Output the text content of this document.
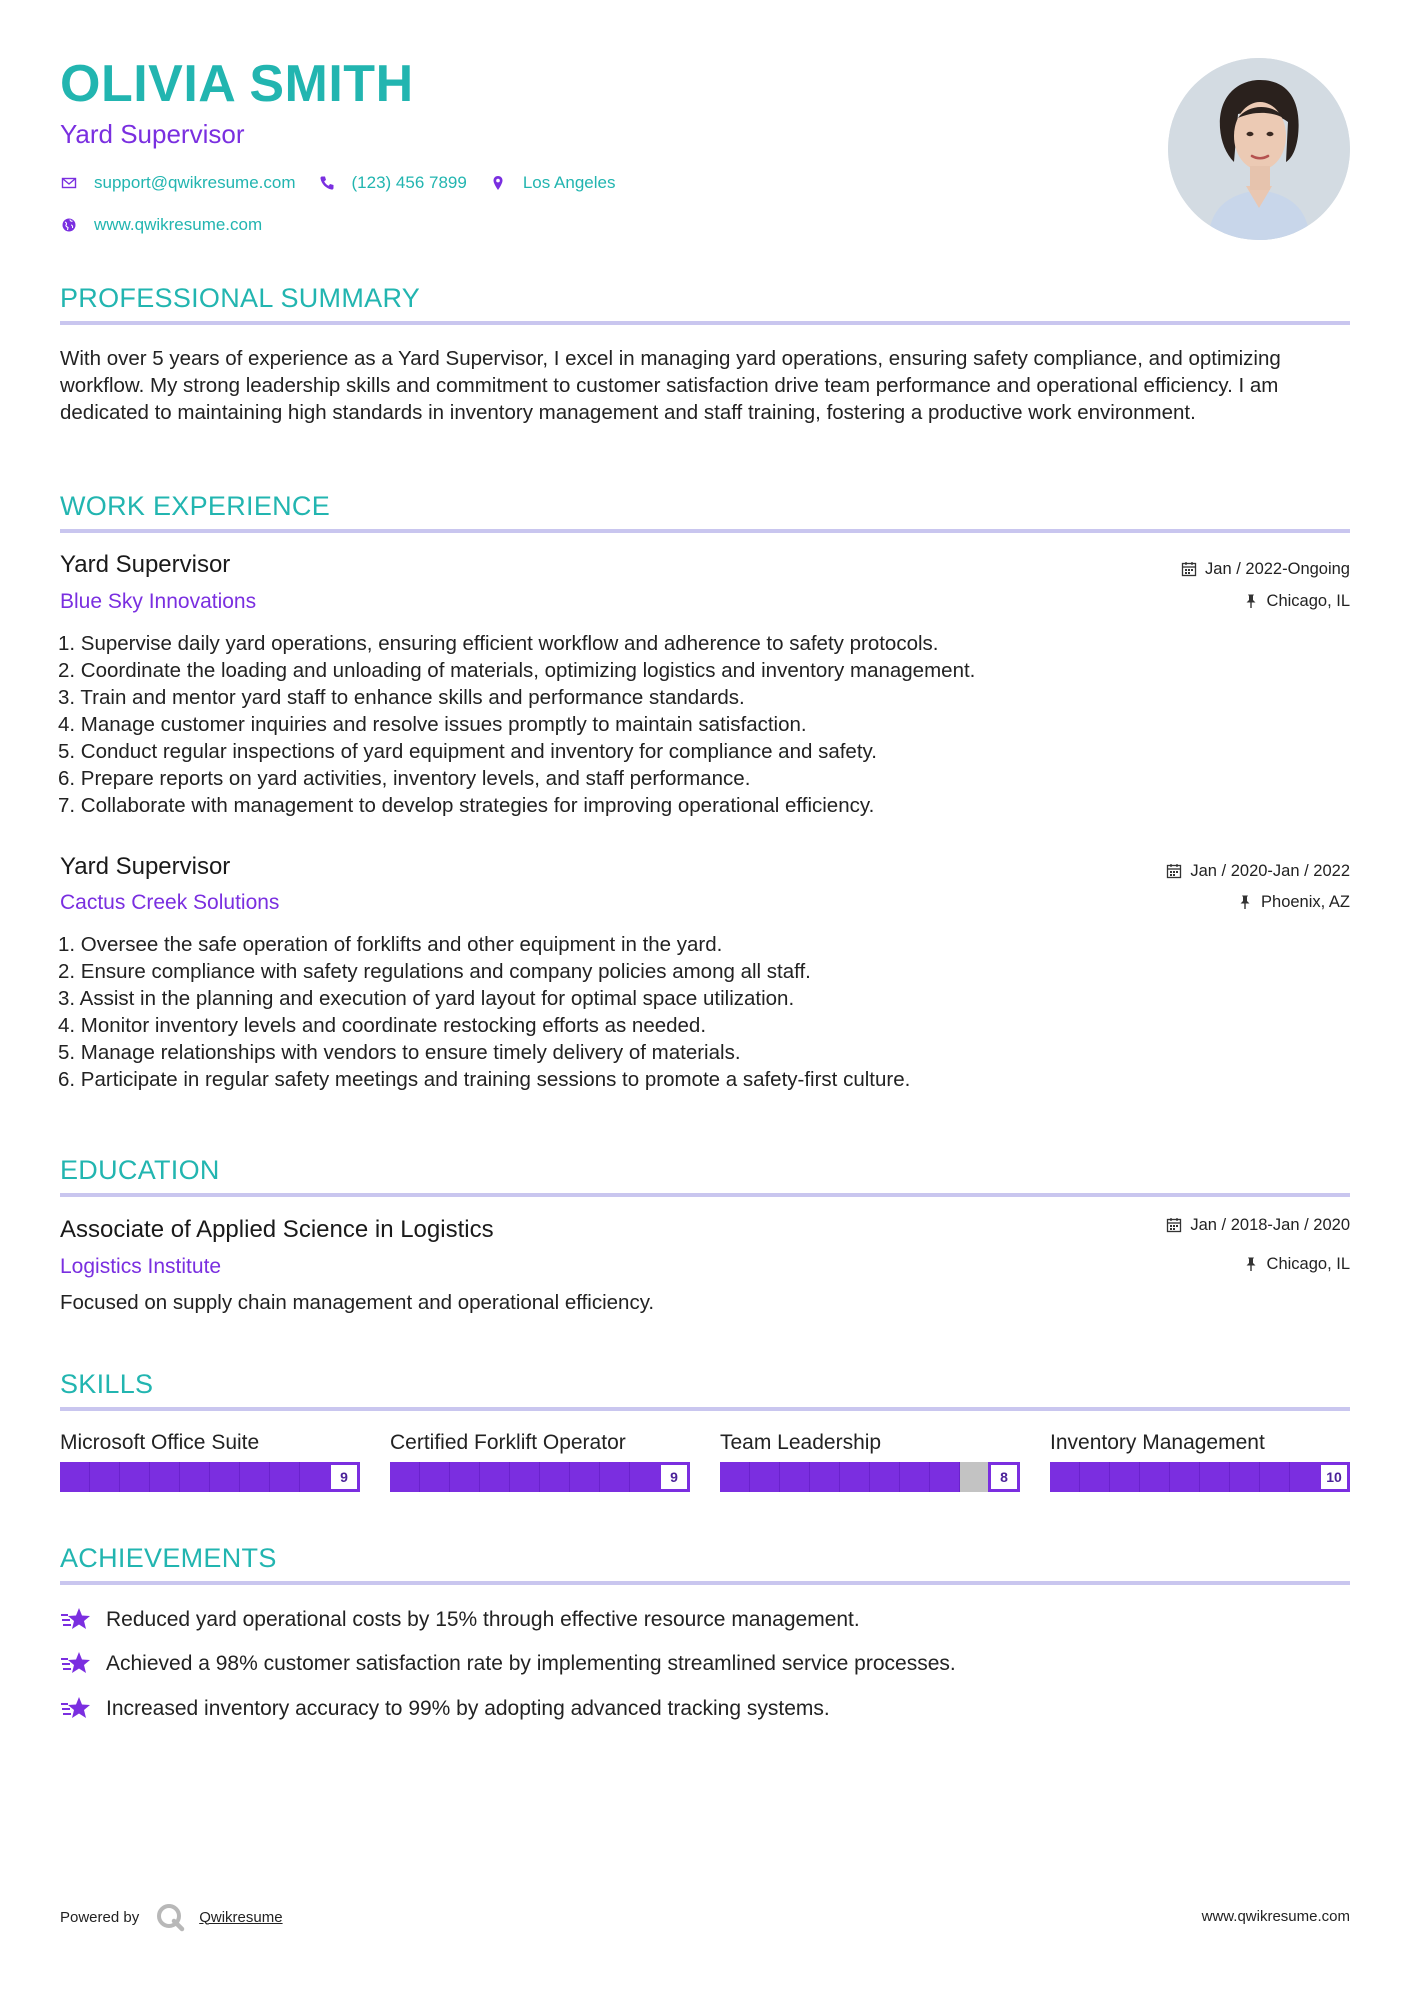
OLIVIA SMITH
Yard Supervisor
support@qwikresume.com	(123) 456 7899	Los Angeles
www.qwikresume.com
PROFESSIONAL SUMMARY
With over 5 years of experience as a Yard Supervisor, I excel in managing yard operations, ensuring safety compliance, and optimizing workflow. My strong leadership skills and commitment to customer satisfaction drive team performance and operational efficiency. I am dedicated to maintaining high standards in inventory management and staff training, fostering a productive work environment.
WORK EXPERIENCE
Yard Supervisor
Blue Sky Innovations
Jan / 2022-Ongoing
Chicago, IL
1. Supervise daily yard operations, ensuring efficient workflow and adherence to safety protocols.
2. Coordinate the loading and unloading of materials, optimizing logistics and inventory management.
3. Train and mentor yard staff to enhance skills and performance standards.
4. Manage customer inquiries and resolve issues promptly to maintain satisfaction.
5. Conduct regular inspections of yard equipment and inventory for compliance and safety.
6. Prepare reports on yard activities, inventory levels, and staff performance.
7. Collaborate with management to develop strategies for improving operational efficiency.
Yard Supervisor
Cactus Creek Solutions
Jan / 2020-Jan / 2022
Phoenix, AZ
1. Oversee the safe operation of forklifts and other equipment in the yard.
2. Ensure compliance with safety regulations and company policies among all staff.
3. Assist in the planning and execution of yard layout for optimal space utilization.
4. Monitor inventory levels and coordinate restocking efforts as needed.
5. Manage relationships with vendors to ensure timely delivery of materials.
6. Participate in regular safety meetings and training sessions to promote a safety-first culture.
EDUCATION
Associate of Applied Science in Logistics
Logistics Institute
Jan / 2018-Jan / 2020
Chicago, IL
Focused on supply chain management and operational efficiency.
SKILLS
Microsoft Office Suite
9
Certified Forklift Operator
9
Team Leadership
8
Inventory Management
10
ACHIEVEMENTS
Reduced yard operational costs by 15% through effective resource management.
Achieved a 98% customer satisfaction rate by implementing streamlined service processes.
Increased inventory accuracy to 99% by adopting advanced tracking systems.
Powered by	Qwikresume	www.qwikresume.com
